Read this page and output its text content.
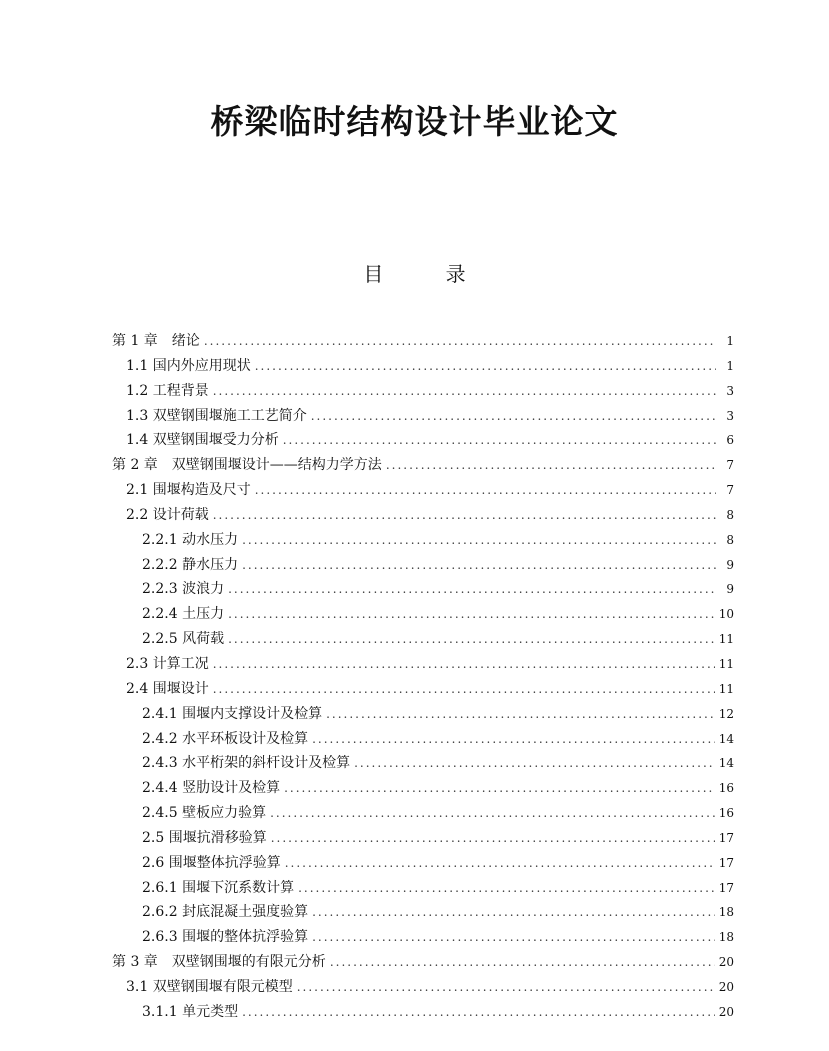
桥梁临时结构设计毕业论文
目 录
第 1 章　绪论 .....	1
1.1 国内外应用现状 .....	1
1.2 工程背景 .....	3
1.3 双壁钢围堰施工工艺简介 .....	3
1.4 双壁钢围堰受力分析 .....	6
第 2 章　双壁钢围堰设计——结构力学方法 .....	7
2.1 围堰构造及尺寸 .....	7
2.2 设计荷载 .....	8
2.2.1 动水压力 .....	8
2.2.2 静水压力 .....	9
2.2.3 波浪力 .....	9
2.2.4 土压力 .....	10
2.2.5 风荷载 .....	11
2.3 计算工况 .....	11
2.4 围堰设计 .....	11
2.4.1 围堰内支撑设计及检算 .....	12
2.4.2 水平环板设计及检算 .....	14
2.4.3 水平桁架的斜杆设计及检算 .....	14
2.4.4 竖肋设计及检算 .....	16
2.4.5 壁板应力验算 .....	16
2.5 围堰抗滑移验算 .....	17
2.6 围堰整体抗浮验算 .....	17
2.6.1 围堰下沉系数计算 .....	17
2.6.2 封底混凝土强度验算 .....	18
2.6.3 围堰的整体抗浮验算 .....	18
第 3 章　双壁钢围堰的有限元分析 .....	20
3.1 双壁钢围堰有限元模型 .....	20
3.1.1 单元类型 .....	20
